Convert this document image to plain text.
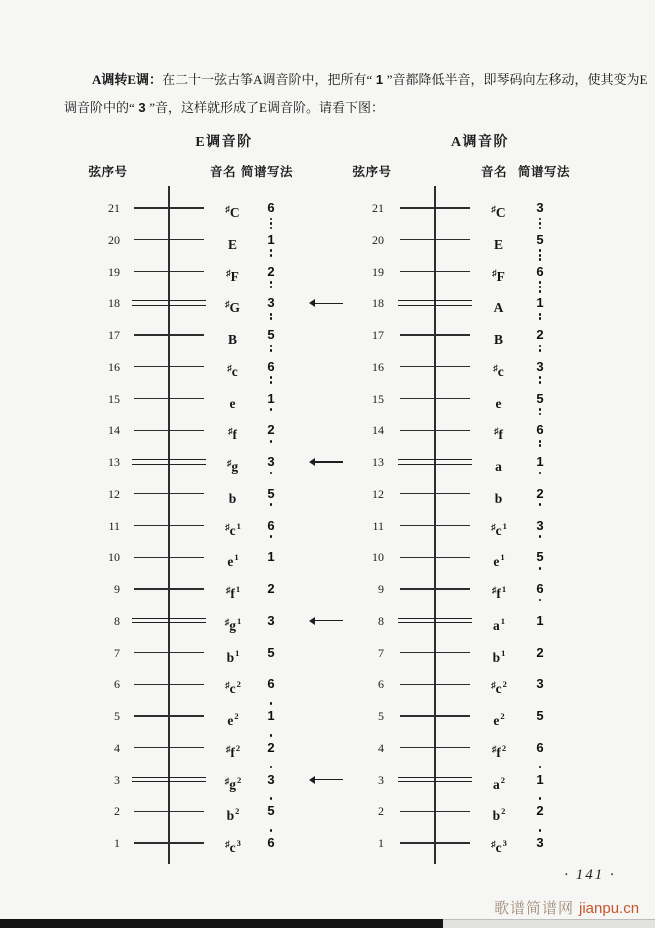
A调转E调：在二十一弦古筝A调音阶中，把所有“ 1 ”音都降低半音，即琴码向左移动，使其变为E
调音阶中的“ 3 ”音，这样就形成了E调音阶。请看下图：
E调音阶
弦序号	音名 简谱写法
21	♯C	6
20	E	1
19	♯F	2
18	♯G	3
17	B	5
16	♯c	6
15	e	1
14	♯f	2
13	♯g	3
12	b	5
11	$^♯c^1$	6
10	$e^1$	1
9	$^♯f^1$	2
8	$^♯g^1$	3
7	$b^1$	5
6	$^♯c^2$	6
5	$e^2$	1
4	$^♯f^2$	2
3	$^♯g^2$	3
2	$b^2$	5
1	$^♯c^3$	6
A调音阶
弦序号	音名 简谱写法
21	♯C	3
20	E	5
19	♯F	6
18	A	1
17	B	2
16	♯c	3
15	e	5
14	♯f	6
13	a	1
12	b	2
11	$^♯c^1$	3
10	$e^1$	5
9	$^♯f^1$	6
8	$a^1$	1
7	$b^1$	2
6	$^♯c^2$	3
5	$e^2$	5
4	$^♯f^2$	6
3	$a^2$	1
2	$b^2$	2
1	$^♯c^3$	3
· 141 ·
歌谱简谱网 jianpu.cn
